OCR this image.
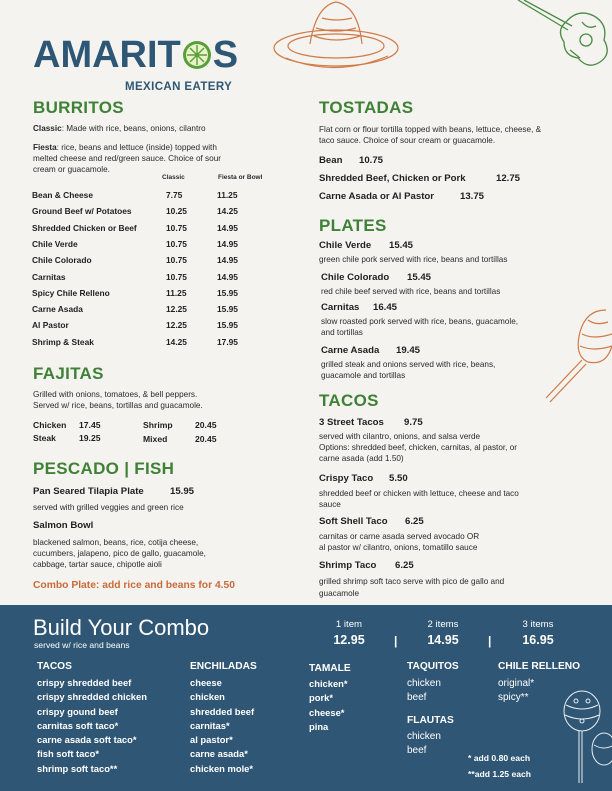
AMARIT S
MEXICAN EATERY
BURRITOS
Classic: Made with rice, beans, onions, cilantro
Fiesta: rice, beans and lettuce (inside) topped with
melted cheese and red/green sauce. Choice of sour
cream or guacamole.
Classic	Fiesta or Bowl
Bean & Cheese	7.75	11.25
Ground Beef w/ Potatoes	10.25	14.25
Shredded Chicken or Beef	10.75	14.95
Chile Verde	10.75	14.95
Chile Colorado	10.75	14.95
Carnitas	10.75	14.95
Spicy Chile Relleno	11.25	15.95
Carne Asada	12.25	15.95
Al Pastor	12.25	15.95
Shrimp & Steak	14.25	17.95
FAJITAS
Grilled with onions, tomatoes, & bell peppers.
Served w/ rice, beans, tortillas and guacamole.
Chicken 17.45
Steak	19.25
Shrimp	20.45
Mixed	20.45
PESCADO | FISH
Pan Seared Tilapia Plate	15.95
served with grilled veggies and green rice
Salmon Bowl
blackened salmon, beans, rice, cotija cheese,
cucumbers, jalapeno, pico de gallo, guacamole,
cabbage, tartar sauce, chipotle aioli
Combo Plate: add rice and beans for 4.50
TOSTADAS
Flat corn or flour tortilla topped with beans, lettuce, cheese, &
taco sauce. Choice of sour cream or guacamole.
Bean 10.75
Shredded Beef, Chicken or Pork	12.75
Carne Asada or Al Pastor	13.75
PLATES
Chile Verde 15.45
green chile pork served with rice, beans and tortillas
Chile Colorado 15.45
red chile beef served with rice, beans and tortillas
Carnitas 16.45
slow roasted pork served with rice, beans, guacamole,
and tortillas
Carne Asada 19.45
grilled steak and onions served with rice, beans,
guacamole and tortillas
TACOS
3 Street Tacos 9.75
served with cilantro, onions, and salsa verde
Options: shredded beef, chicken, carnitas, al pastor, or
carne asada (add 1.50)
Crispy Taco 5.50
shredded beef or chicken with lettuce, cheese and taco
sauce
Soft Shell Taco 6.25
carnitas or carne asada served avocado OR
al pastor w/ cilantro, onions, tomatillo sauce
Shrimp Taco 6.25
grilled shrimp soft taco serve with pico de gallo and
guacamole
Build Your Combo
served w/ rice and beans
1 item
12.95	|
2 items
14.95	|
3 items
16.95
TACOS
crispy shredded beef
crispy shredded chicken
crispy gound beef
carnitas soft taco*
carne asada soft taco*
fish soft taco*
shrimp soft taco**
ENCHILADAS
cheese
chicken
shredded beef
carnitas*
al pastor*
carne asada*
chicken mole*
TAMALE
chicken*
pork*
cheese*
pina
TAQUITOS
chicken
beef
FLAUTAS
chicken
beef
CHILE RELLENO
original*
spicy**
* add 0.80 each
**add 1.25 each
